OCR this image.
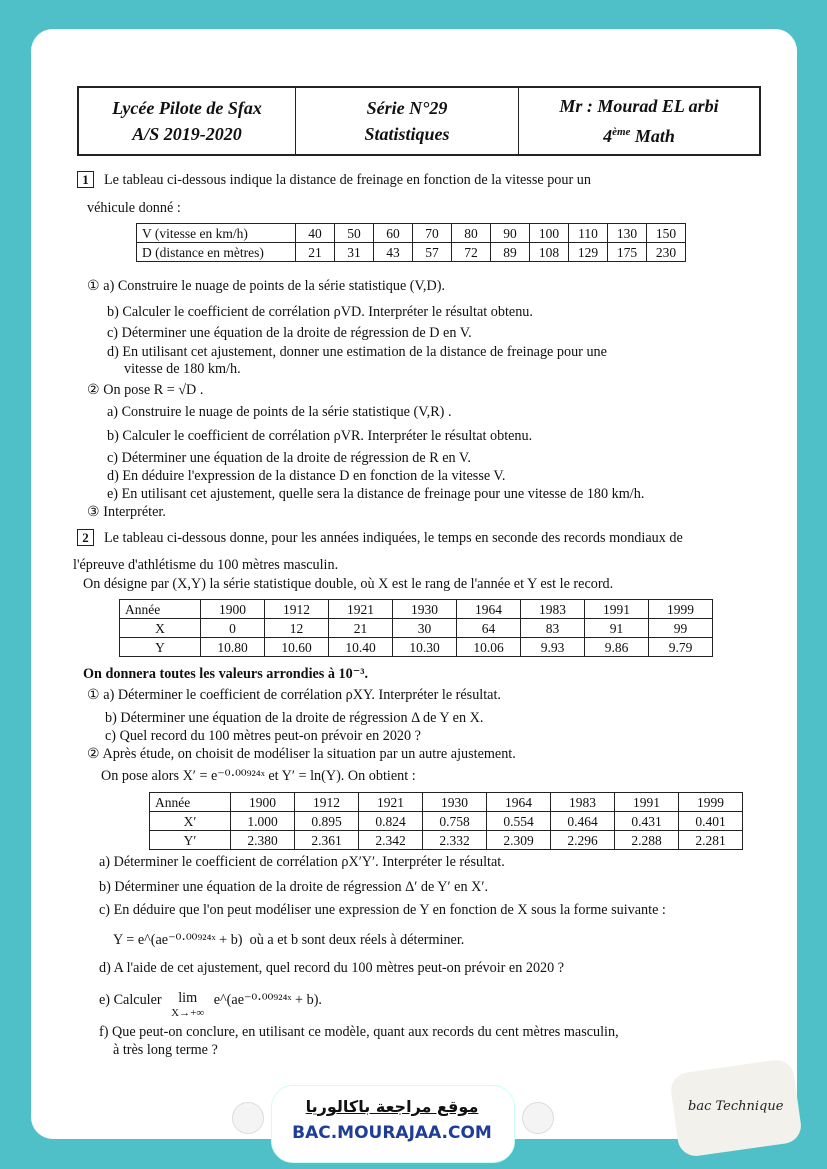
Lycée Pilote de Sfax
A/S 2019-2020
Série N°29
Statistiques
Mr : Mourad EL arbi
4ème Math
1 Le tableau ci-dessous indique la distance de freinage en fonction de la vitesse pour un
véhicule donné :
V (vitesse en km/h)	40	50	60	70	80	90	100	110	130	150
D (distance en mètres)	21	31	43	57	72	89	108	129	175	230
① a) Construire le nuage de points de la série statistique (V,D).
b) Calculer le coefficient de corrélation ρVD. Interpréter le résultat obtenu.
c) Déterminer une équation de la droite de régression de D en V.
d) En utilisant cet ajustement, donner une estimation de la distance de freinage pour une
vitesse de 180 km/h.
② On pose R = √D .
a) Construire le nuage de points de la série statistique (V,R) .
b) Calculer le coefficient de corrélation ρVR. Interpréter le résultat obtenu.
c) Déterminer une équation de la droite de régression de R en V.
d) En déduire l'expression de la distance D en fonction de la vitesse V.
e) En utilisant cet ajustement, quelle sera la distance de freinage pour une vitesse de 180 km/h.
③ Interpréter.
2 Le tableau ci-dessous donne, pour les années indiquées, le temps en seconde des records mondiaux de
l'épreuve d'athlétisme du 100 mètres masculin.
On désigne par (X,Y) la série statistique double, où X est le rang de l'année et Y est le record.
Année	1900	1912	1921	1930	1964	1983	1991	1999
X	0	12	21	30	64	83	91	99
Y	10.80	10.60	10.40	10.30	10.06	9.93	9.86	9.79
On donnera toutes les valeurs arrondies à 10⁻³.
① a) Déterminer le coefficient de corrélation ρXY. Interpréter le résultat.
b) Déterminer une équation de la droite de régression Δ de Y en X.
c) Quel record du 100 mètres peut-on prévoir en 2020 ?
② Après étude, on choisit de modéliser la situation par un autre ajustement.
On pose alors X′ = e⁻⁰·⁰⁰⁹²⁴ˣ et Y′ = ln(Y). On obtient :
Année	1900	1912	1921	1930	1964	1983	1991	1999
X′	1.000	0.895	0.824	0.758	0.554	0.464	0.431	0.401
Y′	2.380	2.361	2.342	2.332	2.309	2.296	2.288	2.281
a) Déterminer le coefficient de corrélation ρX′Y′. Interpréter le résultat.
b) Déterminer une équation de la droite de régression Δ′ de Y′ en X′.
c) En déduire que l'on peut modéliser une expression de Y en fonction de X sous la forme suivante :
Y = e^(ae⁻⁰·⁰⁰⁹²⁴ˣ + b) où a et b sont deux réels à déterminer.
d) A l'aide de cet ajustement, quel record du 100 mètres peut-on prévoir en 2020 ?
e) Calculer lim
X→+∞ e^(ae⁻⁰·⁰⁰⁹²⁴ˣ + b).
f) Que peut-on conclure, en utilisant ce modèle, quant aux records du cent mètres masculin,
à très long terme ?
موقع مراجعة باكالوريا
BAC.MOURAJAA.COM
bac Technique
